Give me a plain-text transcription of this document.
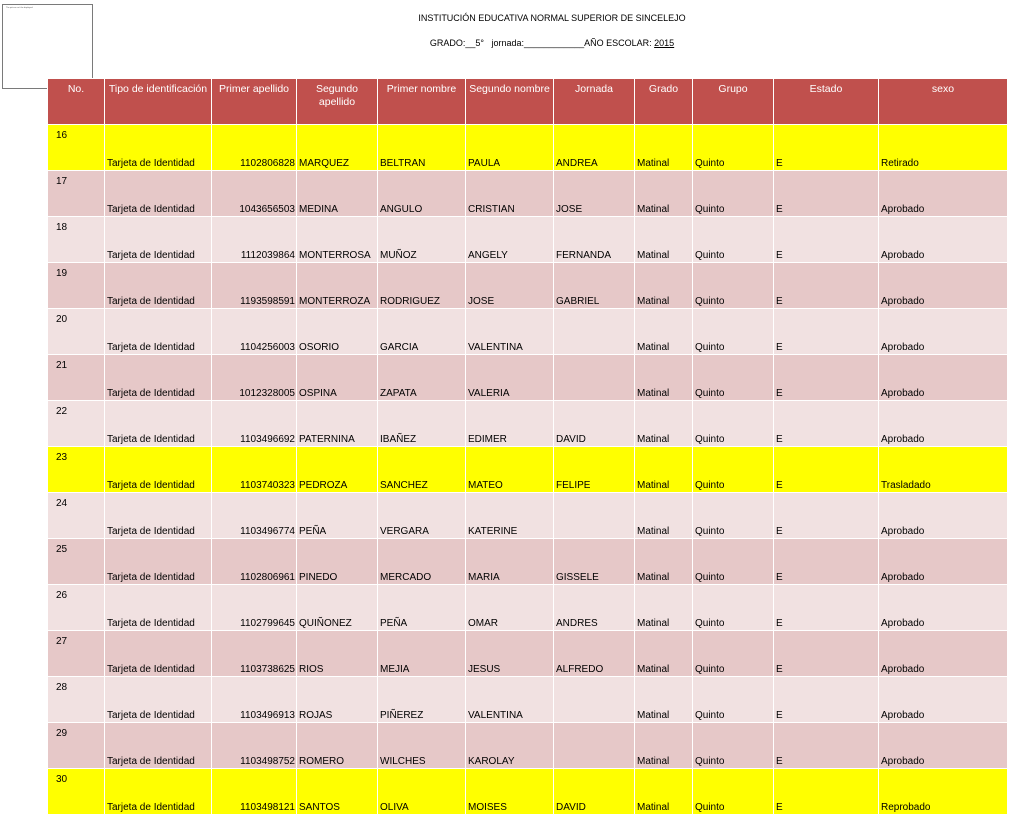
The picture can't be displayed.
INSTITUCIÓN EDUCATIVA NORMAL SUPERIOR DE SINCELEJO
GRADO:__5° jornada:____________AÑO ESCOLAR: 2015
No.	Tipo de identificación	Primer apellido	Segundo apellido	Primer nombre	Segundo nombre	Jornada	Grado	Grupo	Estado	sexo
16	Tarjeta de Identidad	1102806828	MARQUEZ	BELTRAN	PAULA	ANDREA	Matinal	Quinto	E	Retirado
17	Tarjeta de Identidad	1043656503	MEDINA	ANGULO	CRISTIAN	JOSE	Matinal	Quinto	E	Aprobado
18	Tarjeta de Identidad	1112039864	MONTERROSA	MUÑOZ	ANGELY	FERNANDA	Matinal	Quinto	E	Aprobado
19	Tarjeta de Identidad	1193598591	MONTERROZA	RODRIGUEZ	JOSE	GABRIEL	Matinal	Quinto	E	Aprobado
20	Tarjeta de Identidad	1104256003	OSORIO	GARCIA	VALENTINA		Matinal	Quinto	E	Aprobado
21	Tarjeta de Identidad	1012328005	OSPINA	ZAPATA	VALERIA		Matinal	Quinto	E	Aprobado
22	Tarjeta de Identidad	1103496692	PATERNINA	IBAÑEZ	EDIMER	DAVID	Matinal	Quinto	E	Aprobado
23	Tarjeta de Identidad	1103740323	PEDROZA	SANCHEZ	MATEO	FELIPE	Matinal	Quinto	E	Trasladado
24	Tarjeta de Identidad	1103496774	PEÑA	VERGARA	KATERINE		Matinal	Quinto	E	Aprobado
25	Tarjeta de Identidad	1102806961	PINEDO	MERCADO	MARIA	GISSELE	Matinal	Quinto	E	Aprobado
26	Tarjeta de Identidad	1102799645	QUIÑONEZ	PEÑA	OMAR	ANDRES	Matinal	Quinto	E	Aprobado
27	Tarjeta de Identidad	1103738625	RIOS	MEJIA	JESUS	ALFREDO	Matinal	Quinto	E	Aprobado
28	Tarjeta de Identidad	1103496913	ROJAS	PIÑEREZ	VALENTINA		Matinal	Quinto	E	Aprobado
29	Tarjeta de Identidad	1103498752	ROMERO	WILCHES	KAROLAY		Matinal	Quinto	E	Aprobado
30	Tarjeta de Identidad	1103498121	SANTOS	OLIVA	MOISES	DAVID	Matinal	Quinto	E	Reprobado
